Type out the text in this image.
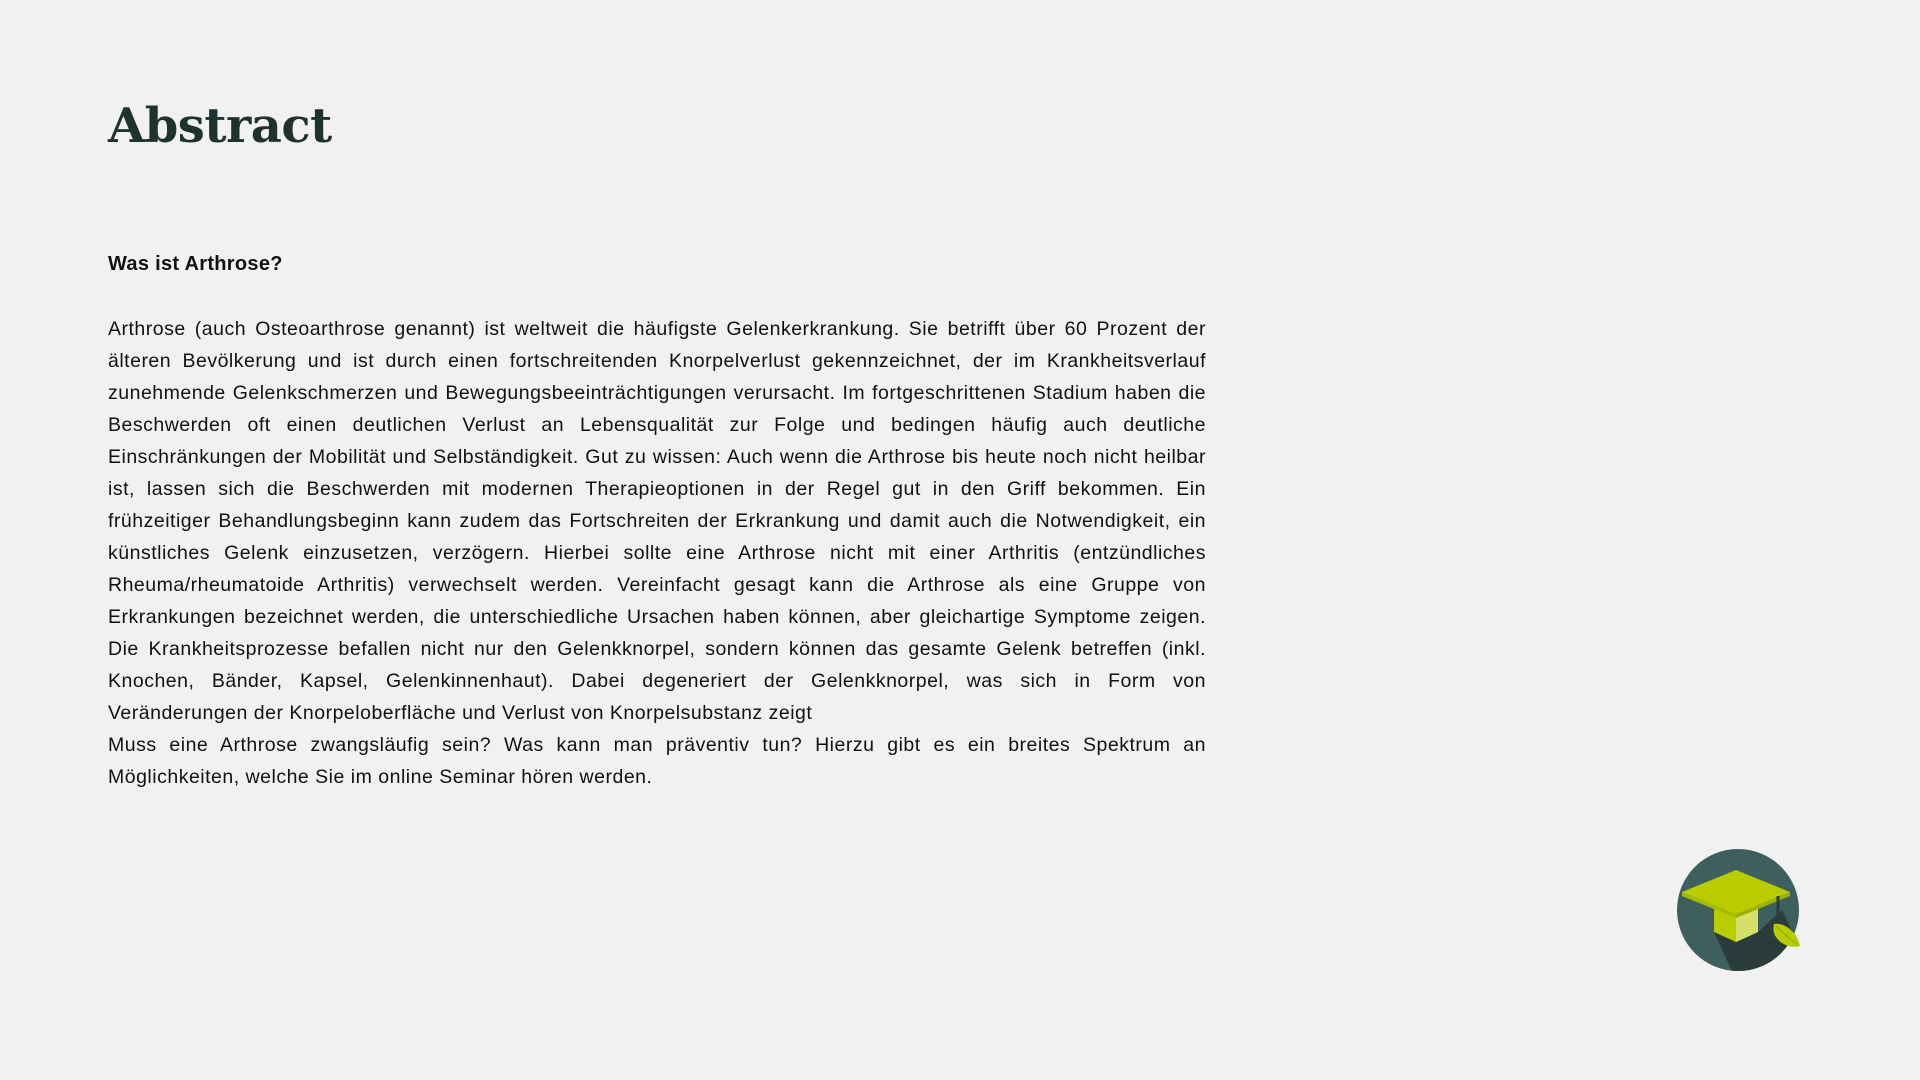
Abstract
Was ist Arthrose?

Arthrose (auch Osteoarthrose genannt) ist weltweit die häufigste Gelenkerkrankung. Sie betrifft über 60 Prozent der älteren Bevölkerung und ist durch einen fortschreitenden Knorpelverlust gekennzeichnet, der im Krankheitsverlauf zunehmende Gelenkschmerzen und Bewegungsbeeinträchtigungen verursacht. Im fortgeschrittenen Stadium haben die Beschwerden oft einen deutlichen Verlust an Lebensqualität zur Folge und bedingen häufig auch deutliche Einschränkungen der Mobilität und Selbständigkeit. Gut zu wissen: Auch wenn die Arthrose bis heute noch nicht heilbar ist, lassen sich die Beschwerden mit modernen Therapieoptionen in der Regel gut in den Griff bekommen. Ein frühzeitiger Behandlungsbeginn kann zudem das Fortschreiten der Erkrankung und damit auch die Notwendigkeit, ein künstliches Gelenk einzusetzen, verzögern. Hierbei sollte eine Arthrose nicht mit einer Arthritis (entzündliches Rheuma/rheumatoide Arthritis) verwechselt werden. Vereinfacht gesagt kann die Arthrose als eine Gruppe von Erkrankungen bezeichnet werden, die unterschiedliche Ursachen haben können, aber gleichartige Symptome zeigen. Die Krankheitsprozesse befallen nicht nur den Gelenkknorpel, sondern können das gesamte Gelenk betreffen (inkl. Knochen, Bänder, Kapsel, Gelenkinnenhaut). Dabei degeneriert der Gelenkknorpel, was sich in Form von Veränderungen der Knorpeloberfläche und Verlust von Knorpelsubstanz zeigt

Muss eine Arthrose zwangsläufig sein? Was kann man präventiv tun? Hierzu gibt es ein breites Spektrum an Möglichkeiten, welche Sie im online Seminar hören werden.
